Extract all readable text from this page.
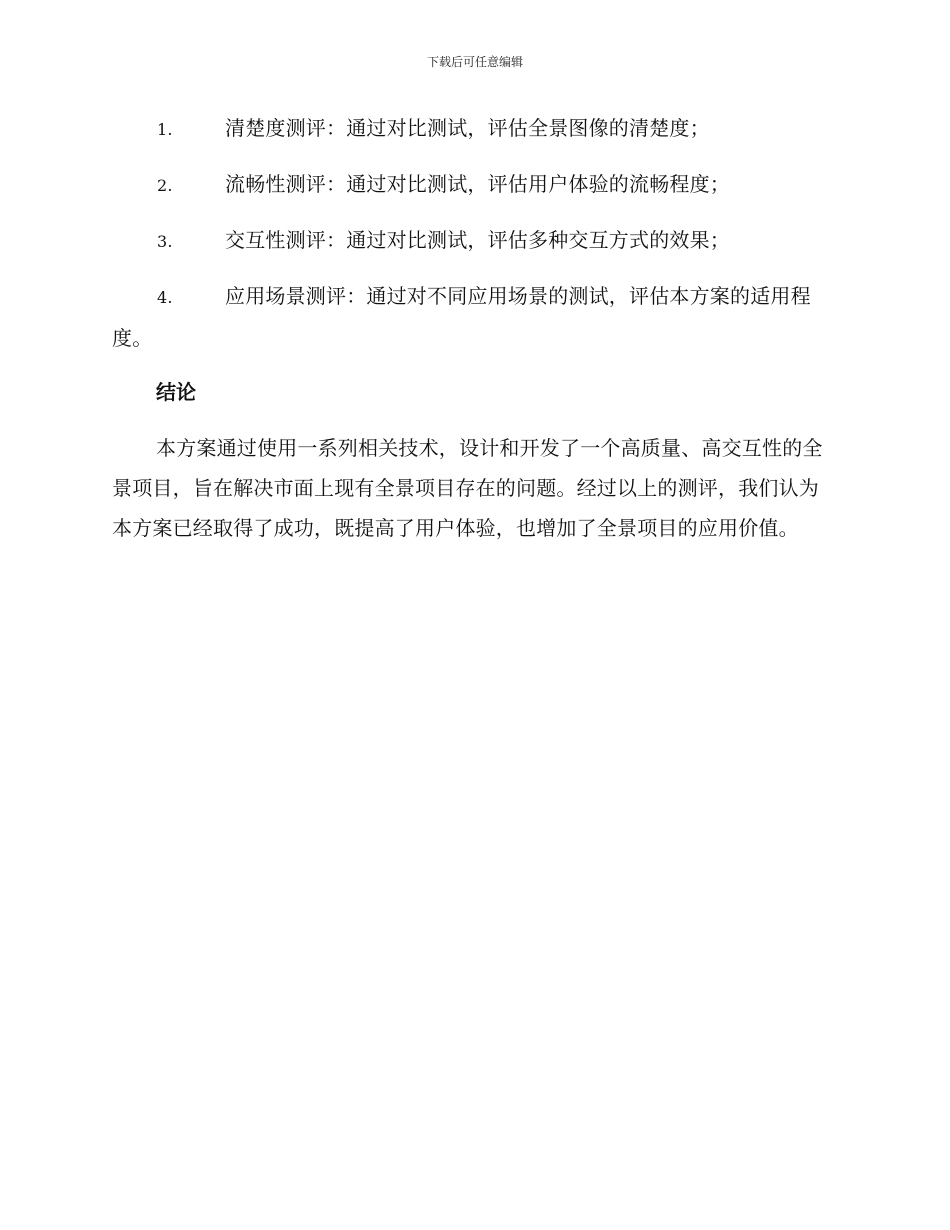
下载后可任意编辑
1.	清楚度测评：通过对比测试，评估全景图像的清楚度；
2.	流畅性测评：通过对比测试，评估用户体验的流畅程度；
3.	交互性测评：通过对比测试，评估多种交互方式的效果；
4.	应用场景测评：通过对不同应用场景的测试，评估本方案的适用程度。
结论

本方案通过使用一系列相关技术，设计和开发了一个高质量、高交互性的全景项目，旨在解决市面上现有全景项目存在的问题。经过以上的测评，我们认为本方案已经取得了成功，既提高了用户体验，也增加了全景项目的应用价值。
